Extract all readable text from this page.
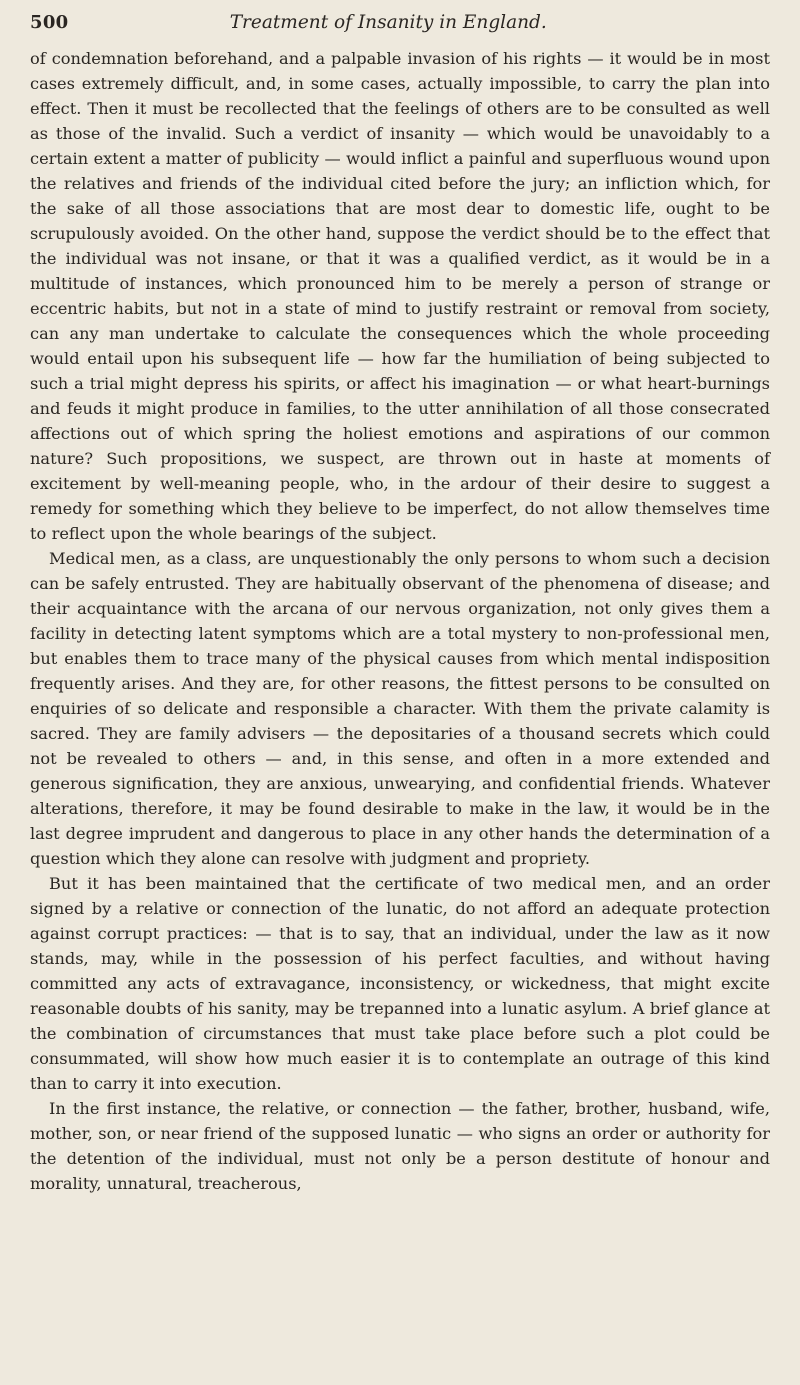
500	Treatment of Insanity in England.

of condemnation beforehand, and a palpable invasion of his rights — it would be in most cases extremely difficult, and, in some cases, actually impossible, to carry the plan into effect. Then it must be recollected that the feelings of others are to be consulted as well as those of the invalid. Such a verdict of insanity — which would be unavoidably to a certain extent a matter of publicity — would inflict a painful and superfluous wound upon the relatives and friends of the individual cited before the jury; an infliction which, for the sake of all those associations that are most dear to domestic life, ought to be scrupulously avoided. On the other hand, suppose the verdict should be to the effect that the individual was not insane, or that it was a qualified verdict, as it would be in a multitude of instances, which pronounced him to be merely a person of strange or eccentric habits, but not in a state of mind to justify restraint or removal from society, can any man undertake to calculate the consequences which the whole proceeding would entail upon his subsequent life — how far the humiliation of being subjected to such a trial might depress his spirits, or affect his imagination — or what heart-burnings and feuds it might produce in families, to the utter annihilation of all those consecrated affections out of which spring the holiest emotions and aspirations of our common nature? Such propositions, we suspect, are thrown out in haste at moments of excitement by well-meaning people, who, in the ardour of their desire to suggest a remedy for something which they believe to be imperfect, do not allow themselves time to reflect upon the whole bearings of the subject.

Medical men, as a class, are unquestionably the only persons to whom such a decision can be safely entrusted. They are habitually observant of the phenomena of disease; and their acquaintance with the arcana of our nervous organization, not only gives them a facility in detecting latent symptoms which are a total mystery to non-professional men, but enables them to trace many of the physical causes from which mental indisposition frequently arises. And they are, for other reasons, the fittest persons to be consulted on enquiries of so delicate and responsible a character. With them the private calamity is sacred. They are family advisers — the depositaries of a thousand secrets which could not be revealed to others — and, in this sense, and often in a more extended and generous signification, they are anxious, unwearying, and confidential friends. Whatever alterations, therefore, it may be found desirable to make in the law, it would be in the last degree imprudent and dangerous to place in any other hands the determination of a question which they alone can resolve with judgment and propriety.

But it has been maintained that the certificate of two medical men, and an order signed by a relative or connection of the lunatic, do not afford an adequate protection against corrupt practices: — that is to say, that an individual, under the law as it now stands, may, while in the possession of his perfect faculties, and without having committed any acts of extravagance, inconsistency, or wickedness, that might excite reasonable doubts of his sanity, may be trepanned into a lunatic asylum. A brief glance at the combination of circumstances that must take place before such a plot could be consummated, will show how much easier it is to contemplate an outrage of this kind than to carry it into execution.

In the first instance, the relative, or connection — the father, brother, husband, wife, mother, son, or near friend of the supposed lunatic — who signs an order or authority for the detention of the individual, must not only be a person destitute of honour and morality, unnatural, treacherous,
